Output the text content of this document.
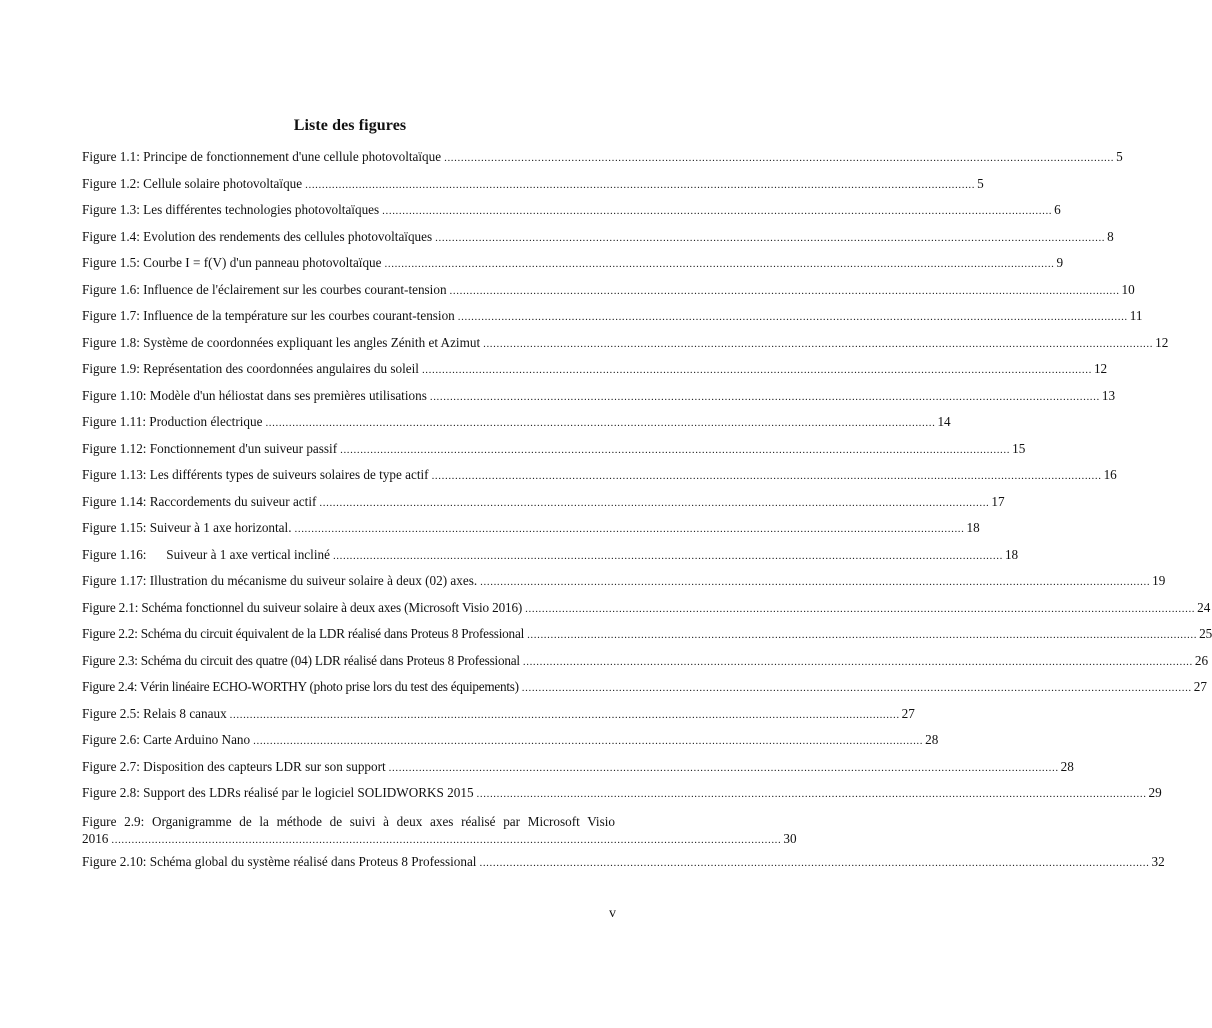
Liste des figures
Figure 1.1: Principe de fonctionnement d'une cellule photovoltaïque ........................................................................................................................................................................................................ 5
Figure 1.2: Cellule solaire photovoltaïque ........................................................................................................................................................................................................ 5
Figure 1.3: Les différentes technologies photovoltaïques ........................................................................................................................................................................................................ 6
Figure 1.4: Evolution des rendements des cellules photovoltaïques ........................................................................................................................................................................................................ 8
Figure 1.5: Courbe I = f(V) d'un panneau photovoltaïque ........................................................................................................................................................................................................ 9
Figure 1.6: Influence de l'éclairement sur les courbes courant-tension ........................................................................................................................................................................................................ 10
Figure 1.7: Influence de la température sur les courbes courant-tension ........................................................................................................................................................................................................ 11
Figure 1.8: Système de coordonnées expliquant les angles Zénith et Azimut ........................................................................................................................................................................................................ 12
Figure 1.9: Représentation des coordonnées angulaires du soleil ........................................................................................................................................................................................................ 12
Figure 1.10: Modèle d'un héliostat dans ses premières utilisations ........................................................................................................................................................................................................ 13
Figure 1.11: Production électrique ........................................................................................................................................................................................................ 14
Figure 1.12: Fonctionnement d'un suiveur passif ........................................................................................................................................................................................................ 15
Figure 1.13: Les différents types de suiveurs solaires de type actif ........................................................................................................................................................................................................ 16
Figure 1.14: Raccordements du suiveur actif ........................................................................................................................................................................................................ 17
Figure 1.15: Suiveur à 1 axe horizontal. ........................................................................................................................................................................................................ 18
Figure 1.16:      Suiveur à 1 axe vertical incliné ........................................................................................................................................................................................................ 18
Figure 1.17: Illustration du mécanisme du suiveur solaire à deux (02) axes. ........................................................................................................................................................................................................ 19
Figure 2.1: Schéma fonctionnel du suiveur solaire à deux axes (Microsoft Visio 2016) ........................................................................................................................................................................................................ 24
Figure 2.2: Schéma du circuit équivalent de la LDR réalisé dans Proteus 8 Professional ........................................................................................................................................................................................................ 25
Figure 2.3: Schéma du circuit des quatre (04) LDR réalisé dans Proteus 8 Professional ........................................................................................................................................................................................................ 26
Figure 2.4: Vérin linéaire ECHO-WORTHY (photo prise lors du test des équipements) ........................................................................................................................................................................................................ 27
Figure 2.5: Relais 8 canaux ........................................................................................................................................................................................................ 27
Figure 2.6: Carte Arduino Nano ........................................................................................................................................................................................................ 28
Figure 2.7: Disposition des capteurs LDR sur son support ........................................................................................................................................................................................................ 28
Figure 2.8: Support des LDRs réalisé par le logiciel SOLIDWORKS 2015 ........................................................................................................................................................................................................ 29
Figure 2.9: Organigramme de la méthode de suivi à deux axes réalisé par Microsoft Visio
2016 ........................................................................................................................................................................................................ 30
Figure 2.10: Schéma global du système réalisé dans Proteus 8 Professional ........................................................................................................................................................................................................ 32
v
